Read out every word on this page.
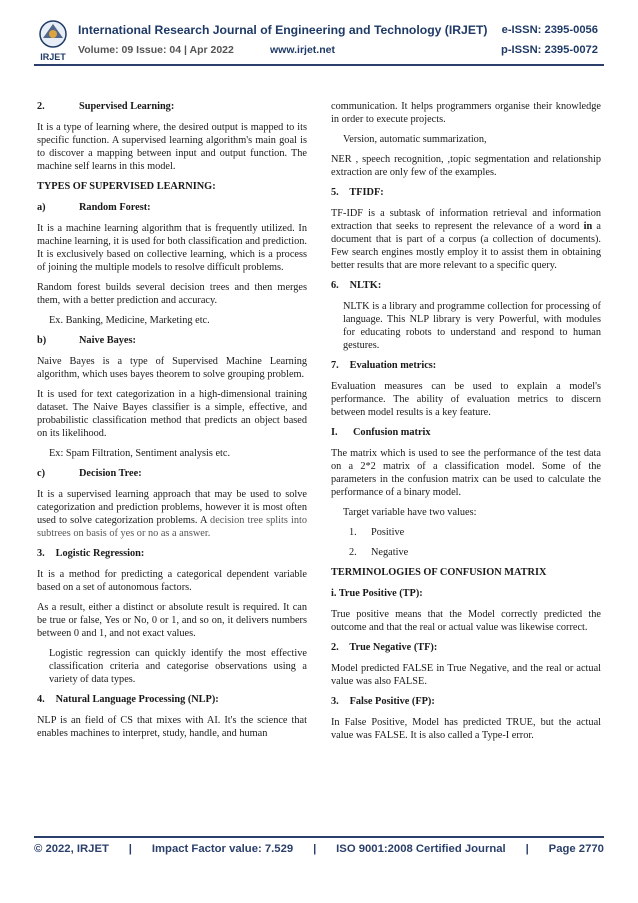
IRJET
International Research Journal of Engineering and Technology (IRJET) e-ISSN: 2395-0056
Volume: 09 Issue: 04 | Apr 2022	www.irjet.net	p-ISSN: 2395-0072
2.	Supervised Learning:

It is a type of learning where, the desired output is mapped to its specific function. A supervised learning algorithm's main goal is to discover a mapping between input and output function. The machine self learns in this model.

TYPES OF SUPERVISED LEARNING:
a)	Random Forest:

It is a machine learning algorithm that is frequently utilized. In machine learning, it is used for both classification and prediction. It is exclusively based on collective learning, which is a process of joining the multiple models to resolve difficult problems.

Random forest builds several decision trees and then merges them, with a better prediction and accuracy.

Ex. Banking, Medicine, Marketing etc.

b)	Naive Bayes:

Naive Bayes is a type of Supervised Machine Learning algorithm, which uses bayes theorem to solve grouping problem.

It is used for text categorization in a high-dimensional training dataset. The Naive Bayes classifier is a simple, effective, and probabilistic classification method that predicts an object based on its likelihood.

Ex: Spam Filtration, Sentiment analysis etc.

c)	Decision Tree:

It is a supervised learning approach that may be used to solve categorization and prediction problems, however it is most often used to solve categorization problems. A decision tree splits into subtrees on basis of yes or no as a answer.

3. Logistic Regression:

It is a method for predicting a categorical dependent variable based on a set of autonomous factors.

As a result, either a distinct or absolute result is required. It can be true or false, Yes or No, 0 or 1, and so on, it delivers numbers between 0 and 1, and not exact values.

Logistic regression can quickly identify the most effective classification criteria and categorise observations using a variety of data types.

4. Natural Language Processing (NLP):

NLP is an field of CS that mixes with AI. It's the science that enables machines to interpret, study, handle, and human

communication. It helps programmers organise their knowledge in order to execute projects.

Version, automatic summarization,

NER , speech recognition, ,topic segmentation and relationship extraction are only few of the examples.

5. TFIDF:

TF-IDF is a subtask of information retrieval and information extraction that seeks to represent the relevance of a word in a document that is part of a corpus (a collection of documents). Few search engines mostly employ it to assist them in obtaining better results that are more relevant to a specific query.

6. NLTK:

NLTK is a library and programme collection for processing of language. This NLP library is very Powerful, with modules for educating robots to understand and respond to human gestures.

7. Evaluation metrics:

Evaluation measures can be used to explain a model's performance. The ability of evaluation metrics to discern between model results is a key feature.

I. Confusion matrix

The matrix which is used to see the performance of the test data on a 2*2 matrix of a classification model. Some of the parameters in the confusion matrix can be used to calculate the performance of a binary model.

Target variable have two values:

1. Positive
2. Negative
TERMINOLOGIES OF CONFUSION MATRIX
i. True Positive (TP):

True positive means that the Model correctly predicted the outcome and that the real or actual value was likewise correct.

2. True Negative (TF):

Model predicted FALSE in True Negative, and the real or actual value was also FALSE.

3. False Positive (FP):

In False Positive, Model has predicted TRUE, but the actual value was FALSE. It is also called a Type-I error.

© 2022, IRJET | Impact Factor value: 7.529 | ISO 9001:2008 Certified Journal | Page 2770
